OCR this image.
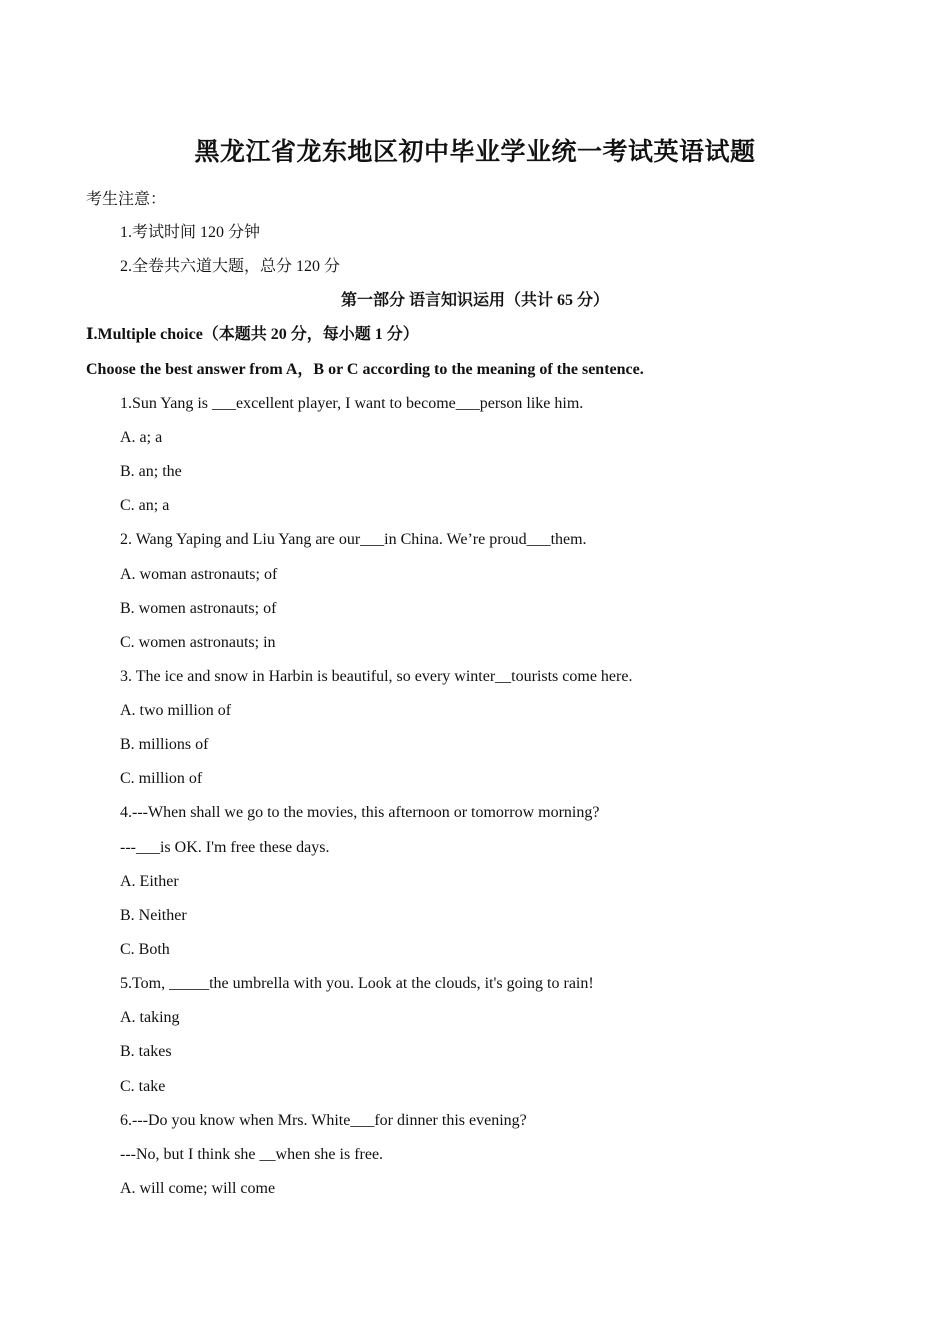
黑龙江省龙东地区初中毕业学业统一考试英语试题
考生注意：
1.考试时间 120 分钟
2.全卷共六道大题，总分 120 分
第一部分 语言知识运用（共计 65 分）
Ⅰ.Multiple choice（本题共 20 分，每小题 1 分）
Choose the best answer from A，B or C according to the meaning of the sentence.
1.Sun Yang is ___excellent player, I want to become___person like him.
A. a; a
B. an; the
C. an; a
2. Wang Yaping and Liu Yang are our___in China. We’re proud___them.
A. woman astronauts; of
B. women astronauts; of
C. women astronauts; in
3. The ice and snow in Harbin is beautiful, so every winter__tourists come here.
A. two million of
B. millions of
C. million of
4.---When shall we go to the movies, this afternoon or tomorrow morning?
---___is OK. I'm free these days.
A. Either
B. Neither
C. Both
5.Tom, _____the umbrella with you. Look at the clouds, it's going to rain!
A. taking
B. takes
C. take
6.---Do you know when Mrs. White___for dinner this evening?
---No, but I think she __when she is free.
A. will come; will come
